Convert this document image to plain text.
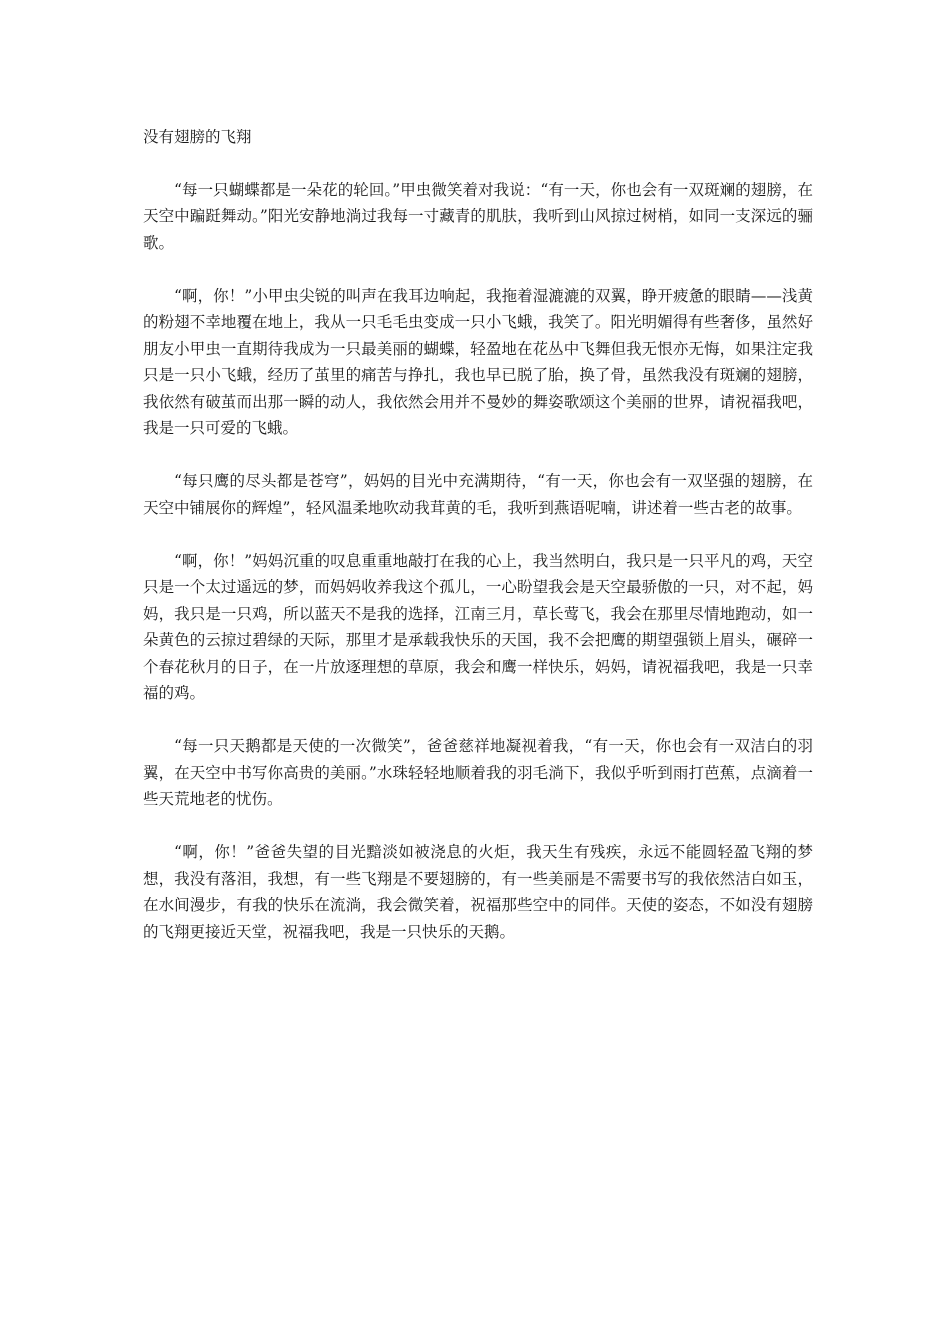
没有翅膀的飞翔

“每一只蝴蝶都是一朵花的轮回。”甲虫微笑着对我说：“有一天，你也会有一双斑斓的翅膀，在天空中蹁跹舞动。”阳光安静地淌过我每一寸藏青的肌肤，我听到山风掠过树梢，如同一支深远的骊歌。

“啊，你！”小甲虫尖锐的叫声在我耳边响起，我拖着湿漉漉的双翼，睁开疲惫的眼睛——浅黄的粉翅不幸地覆在地上，我从一只毛毛虫变成一只小飞蛾，我笑了。阳光明媚得有些奢侈，虽然好朋友小甲虫一直期待我成为一只最美丽的蝴蝶，轻盈地在花丛中飞舞但我无恨亦无悔，如果注定我只是一只小飞蛾，经历了茧里的痛苦与挣扎，我也早已脱了胎，换了骨，虽然我没有斑斓的翅膀，我依然有破茧而出那一瞬的动人，我依然会用并不曼妙的舞姿歌颂这个美丽的世界，请祝福我吧，我是一只可爱的飞蛾。

“每只鹰的尽头都是苍穹”，妈妈的目光中充满期待，“有一天，你也会有一双坚强的翅膀，在天空中铺展你的辉煌”，轻风温柔地吹动我茸黄的毛，我听到燕语呢喃，讲述着一些古老的故事。

“啊，你！”妈妈沉重的叹息重重地敲打在我的心上，我当然明白，我只是一只平凡的鸡，天空只是一个太过遥远的梦，而妈妈收养我这个孤儿，一心盼望我会是天空最骄傲的一只，对不起，妈妈，我只是一只鸡，所以蓝天不是我的选择，江南三月，草长莺飞，我会在那里尽情地跑动，如一朵黄色的云掠过碧绿的天际，那里才是承载我快乐的天国，我不会把鹰的期望强锁上眉头，碾碎一个春花秋月的日子，在一片放逐理想的草原，我会和鹰一样快乐，妈妈，请祝福我吧，我是一只幸福的鸡。

“每一只天鹅都是天使的一次微笑”，爸爸慈祥地凝视着我，“有一天，你也会有一双洁白的羽翼，在天空中书写你高贵的美丽。”水珠轻轻地顺着我的羽毛淌下，我似乎听到雨打芭蕉，点滴着一些天荒地老的忧伤。

“啊，你！”爸爸失望的目光黯淡如被浇息的火炬，我天生有残疾，永远不能圆轻盈飞翔的梦想，我没有落泪，我想，有一些飞翔是不要翅膀的，有一些美丽是不需要书写的我依然洁白如玉，在水间漫步，有我的快乐在流淌，我会微笑着，祝福那些空中的同伴。天使的姿态，不如没有翅膀的飞翔更接近天堂，祝福我吧，我是一只快乐的天鹅。
